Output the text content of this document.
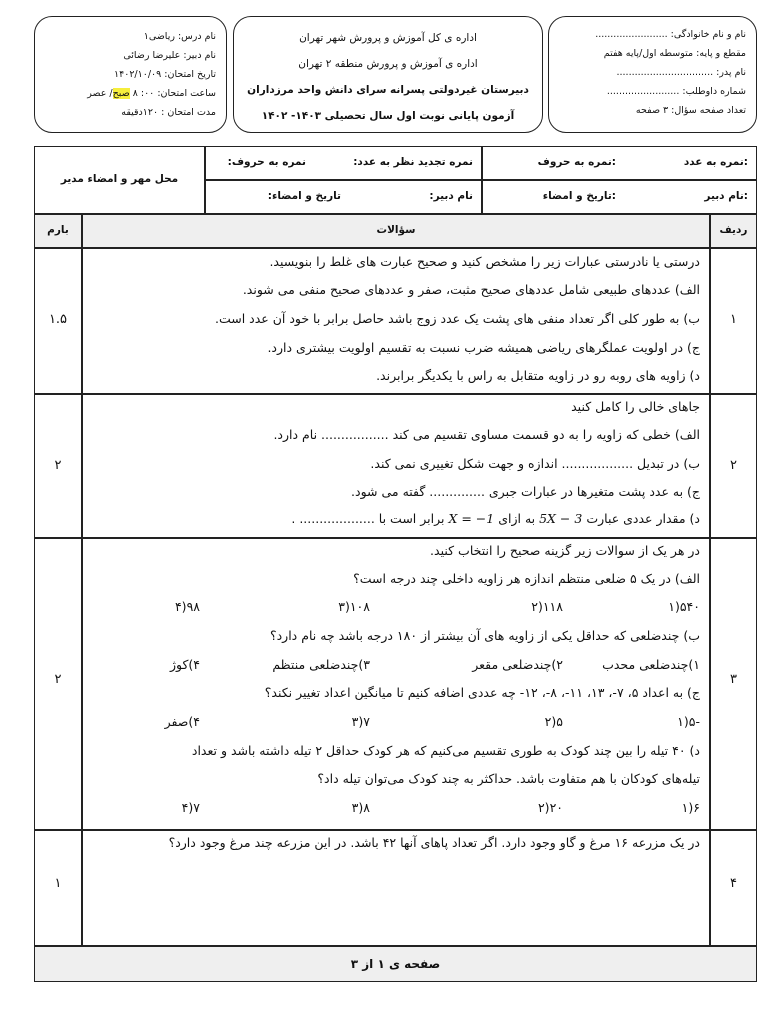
نام و نام خانوادگی: ........................
مقطع و پایه: متوسطه اول/پایه هفتم
نام پدر: ................................
شماره داوطلب: ........................
تعداد صفحه سؤال: ۳ صفحه
اداره ی کل آموزش و پرورش شهر تهران
اداره ی آموزش و پرورش منطقه ۲ تهران
دبیرستان غیردولتی پسرانه سرای دانش واحد مرزداران
آزمون پایانی نوبت اول سال تحصیلی ۱۴۰۳- ۱۴۰۲
نام درس: ریاضی۱
نام دبیر: علیرضا رضائی
تاریخ امتحان: ۱۴۰۲/۱۰/۰۹
ساعت امتحان: ۰۰: ۸ صبح/ عصر
مدت امتحان : ۱۲۰دقیقه
نمره به عدد:
نمره به حروف:
نام دبیر:
تاریخ و امضاء:
نمره تجدید نظر به عدد:
نمره به حروف:
نام دبیر:
تاریخ و امضاء:
محل مهر و امضاء مدیر
ردیف
سؤالات
بارم
۱
۱.۵
درستی یا نادرستی عبارات زیر را مشخص کنید و صحیح عبارت های غلط را بنویسید.
الف) عددهای طبیعی شامل عددهای صحیح مثبت، صفر و عددهای صحیح منفی می شوند.
ب) به طور کلی اگر تعداد منفی های پشت یک عدد زوج باشد حاصل برابر با خود آن عدد است.
ج) در اولویت عملگرهای ریاضی همیشه ضرب نسبت به تقسیم اولویت بیشتری دارد.
د) زاویه های روبه رو در زاویه متقابل به راس با یکدیگر برابرند.
۲
۲
جاهای خالی را کامل کنید
الف) خطی که زاویه را به دو قسمت مساوی تقسیم می کند ................. نام دارد.
ب) در تبدیل .................. اندازه و جهت شکل تغییری نمی کند.
ج) به عدد پشت متغیرها در عبارات جبری .............. گفته می شود.
د) مقدار عددی عبارت 5X − 3 به ازای X = −1 برابر است با ................... .
۳
۲
در هر یک از سوالات زیر گزینه صحیح را انتخاب کنید.
الف) در یک ۵ ضلعی منتظم اندازه هر زاویه داخلی چند درجه است؟
۵۴۰(۱
۱۱۸(۲
۱۰۸(۳
۹۸(۴
ب) چندضلعی که حداقل یکی از زاویه های آن بیشتر از ۱۸۰ درجه باشد چه نام دارد؟
۱)چندضلعی محدب
۲)چندضلعی مقعر
۳)چندضلعی منتظم
۴)کوژ
ج) به اعداد ۵، ۷-، ۱۳، ۱۱-، ۸-، ۱۲- چه عددی اضافه کنیم تا میانگین اعداد تغییر نکند؟
-۵(۱
۵(۲
۷(۳
۴)صفر
د) ۴۰ تیله را بین چند کودک به طوری تقسیم می‌کنیم که هر کودک حداقل ۲ تیله داشته باشد و تعداد
تیله‌های کودکان با هم متفاوت باشد. حداکثر به چند کودک می‌توان تیله داد؟
۶(۱
۲۰(۲
۸(۳
۷(۴
۴
۱
در یک مزرعه ۱۶ مرغ و گاو وجود دارد. اگر تعداد پاهای آنها ۴۲ باشد. در این مزرعه چند مرغ وجود دارد؟
صفحه ی ۱ از ۳
